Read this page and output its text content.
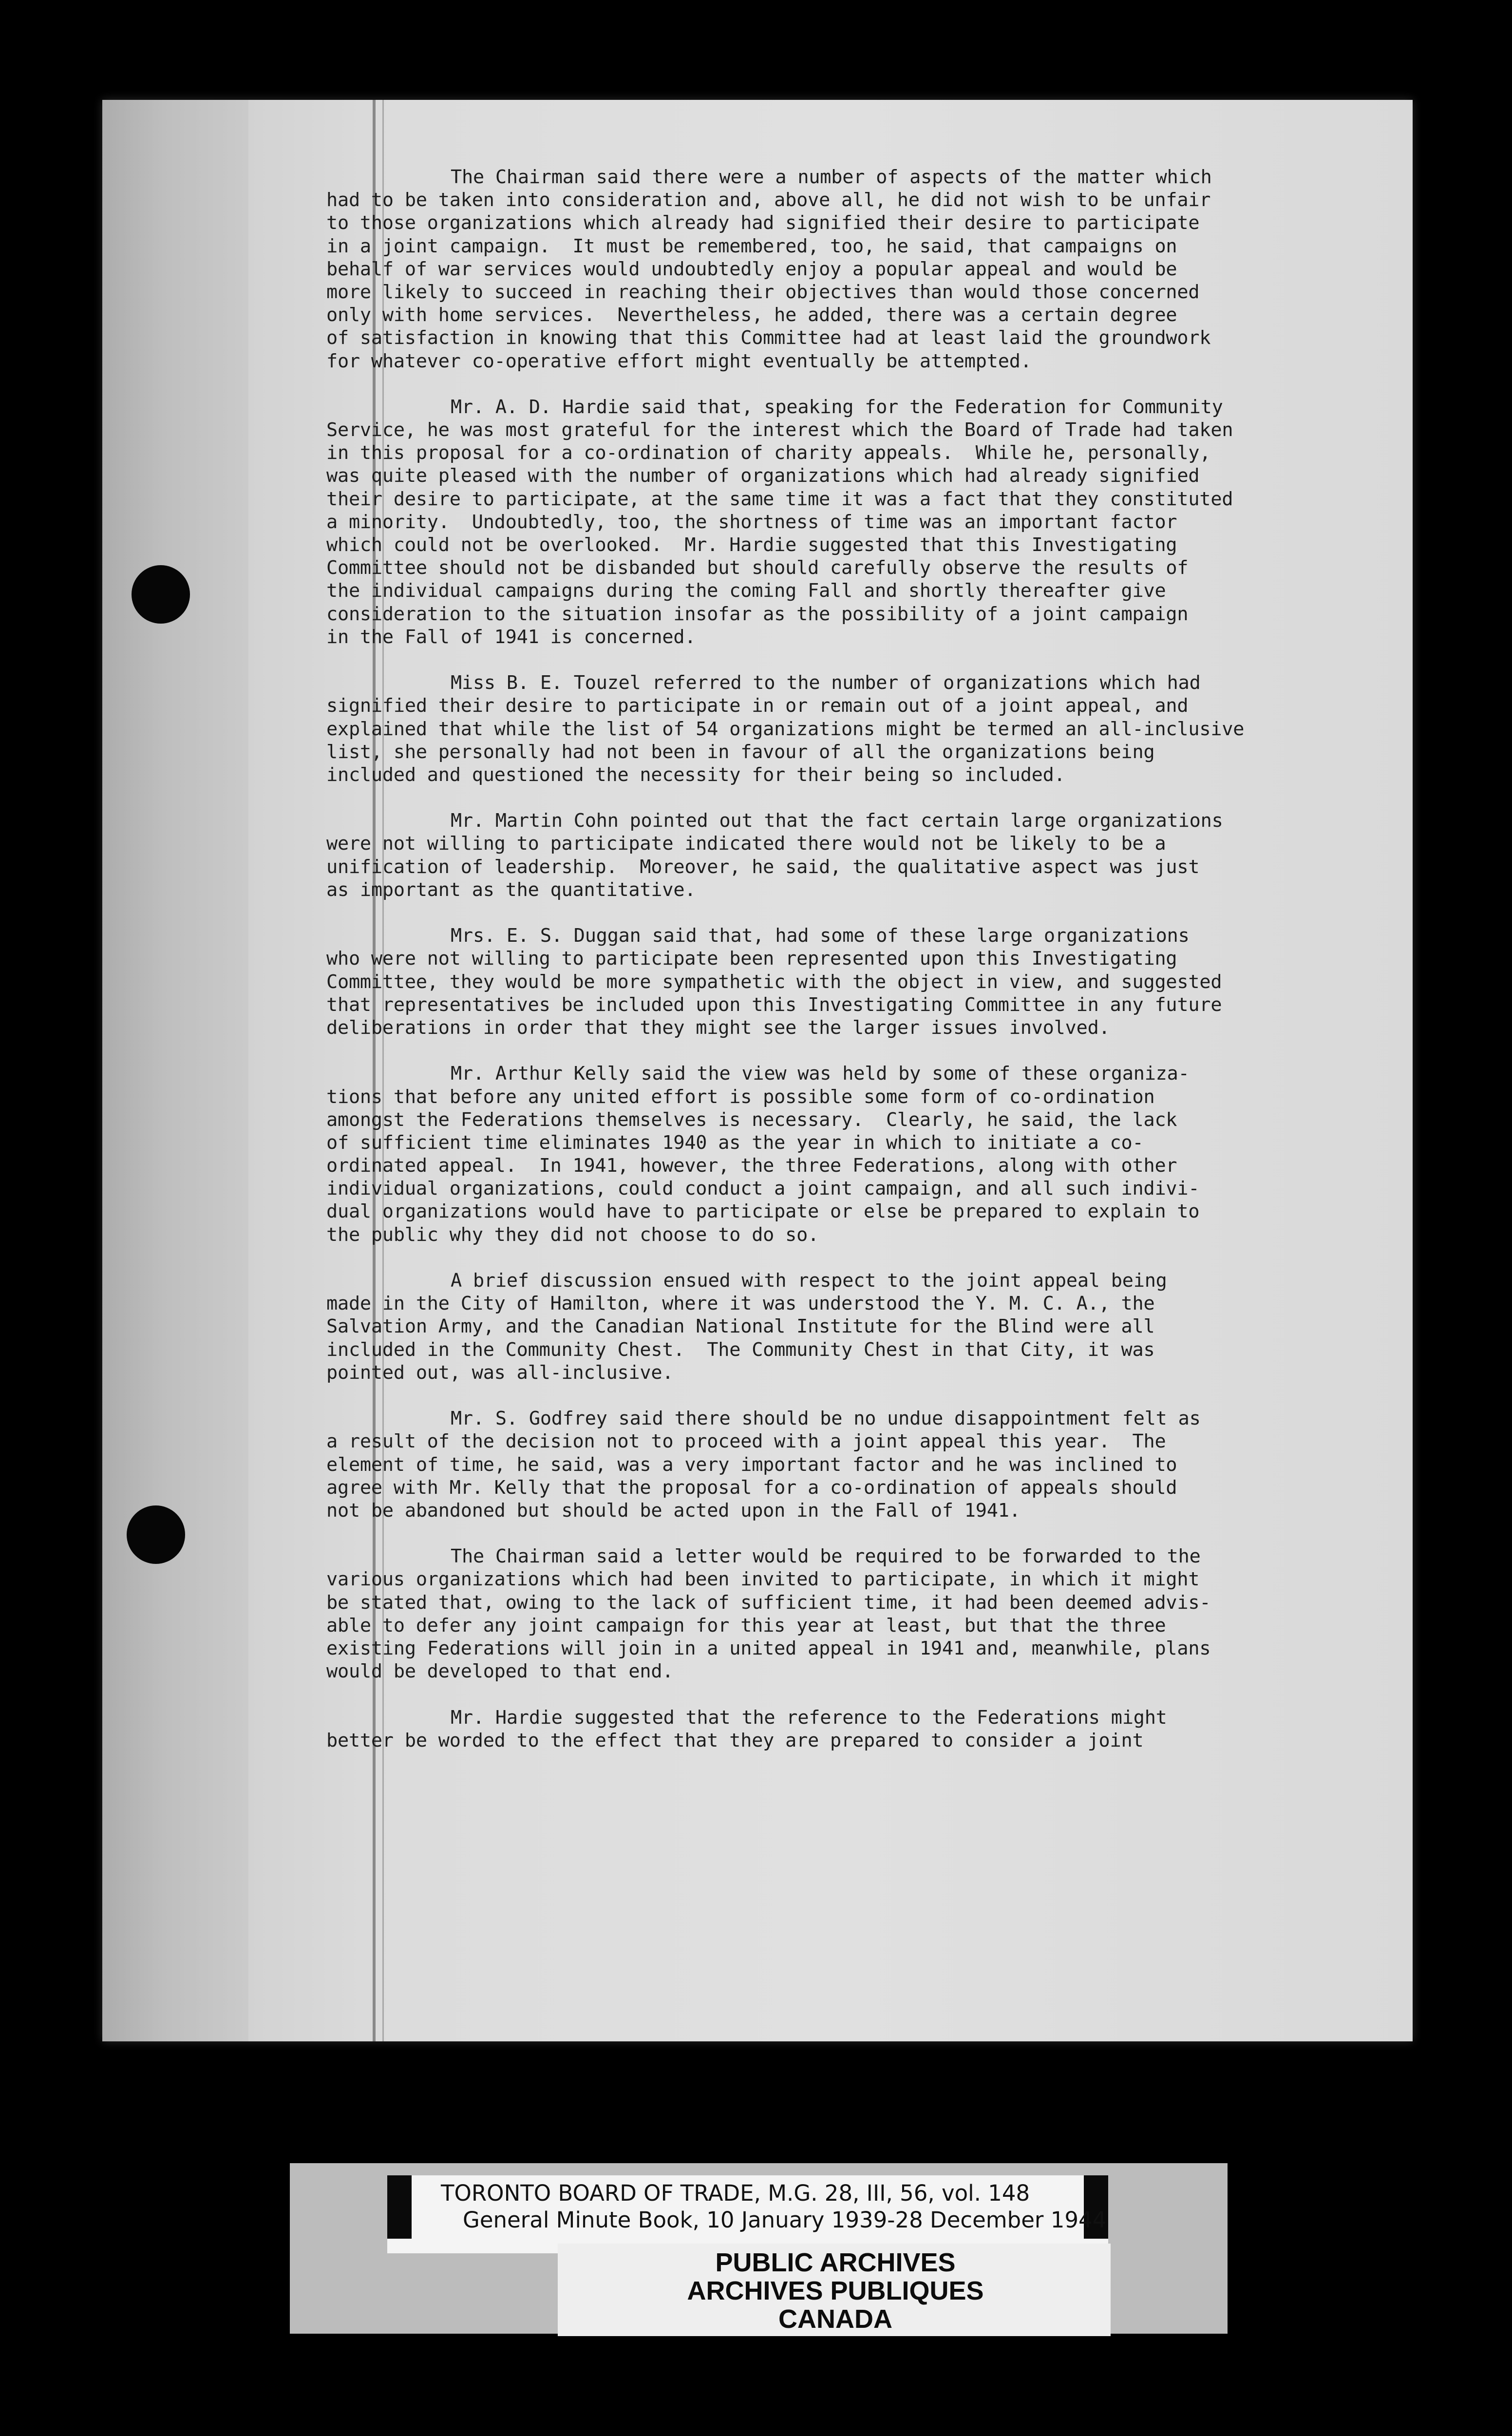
The Chairman said there were a number of aspects of the matter which
had to be taken into consideration and, above all, he did not wish to be unfair
to those organizations which already had signified their desire to participate
in a joint campaign.  It must be remembered, too, he said, that campaigns on
behalf of war services would undoubtedly enjoy a popular appeal and would be
more likely to succeed in reaching their objectives than would those concerned
only with home services.  Nevertheless, he added, there was a certain degree
of satisfaction in knowing that this Committee had at least laid the groundwork
for whatever co-operative effort might eventually be attempted.
Mr. A. D. Hardie said that, speaking for the Federation for Community
Service, he was most grateful for the interest which the Board of Trade had taken
in this proposal for a co-ordination of charity appeals.  While he, personally,
was quite pleased with the number of organizations which had already signified
their desire to participate, at the same time it was a fact that they constituted
a minority.  Undoubtedly, too, the shortness of time was an important factor
which could not be overlooked.  Mr. Hardie suggested that this Investigating
Committee should not be disbanded but should carefully observe the results of
the individual campaigns during the coming Fall and shortly thereafter give
consideration to the situation insofar as the possibility of a joint campaign
in the Fall of 1941 is concerned.
Miss B. E. Touzel referred to the number of organizations which had
signified their desire to participate in or remain out of a joint appeal, and
explained that while the list of 54 organizations might be termed an all-inclusive
list, she personally had not been in favour of all the organizations being
included and questioned the necessity for their being so included.
Mr. Martin Cohn pointed out that the fact certain large organizations
were not willing to participate indicated there would not be likely to be a
unification of leadership.  Moreover, he said, the qualitative aspect was just
as important as the quantitative.
Mrs. E. S. Duggan said that, had some of these large organizations
who were not willing to participate been represented upon this Investigating
Committee, they would be more sympathetic with the object in view, and suggested
that representatives be included upon this Investigating Committee in any future
deliberations in order that they might see the larger issues involved.
Mr. Arthur Kelly said the view was held by some of these organiza-
tions that before any united effort is possible some form of co-ordination
amongst the Federations themselves is necessary.  Clearly, he said, the lack
of sufficient time eliminates 1940 as the year in which to initiate a co-
ordinated appeal.  In 1941, however, the three Federations, along with other
individual organizations, could conduct a joint campaign, and all such indivi-
dual organizations would have to participate or else be prepared to explain to
the public why they did not choose to do so.
A brief discussion ensued with respect to the joint appeal being
made in the City of Hamilton, where it was understood the Y. M. C. A., the
Salvation Army, and the Canadian National Institute for the Blind were all
included in the Community Chest.  The Community Chest in that City, it was
pointed out, was all-inclusive.
Mr. S. Godfrey said there should be no undue disappointment felt as
a result of the decision not to proceed with a joint appeal this year.  The
element of time, he said, was a very important factor and he was inclined to
agree with Mr. Kelly that the proposal for a co-ordination of appeals should
not be abandoned but should be acted upon in the Fall of 1941.
The Chairman said a letter would be required to be forwarded to the
various organizations which had been invited to participate, in which it might
be stated that, owing to the lack of sufficient time, it had been deemed advis-
able to defer any joint campaign for this year at least, but that the three
existing Federations will join in a united appeal in 1941 and, meanwhile, plans
would be developed to that end.
Mr. Hardie suggested that the reference to the Federations might
better be worded to the effect that they are prepared to consider a joint
TORONTO BOARD OF TRADE, M.G. 28, III, 56, vol. 148
General Minute Book, 10 January 1939-28 December 1944
PUBLIC ARCHIVES
ARCHIVES PUBLIQUES
CANADA
